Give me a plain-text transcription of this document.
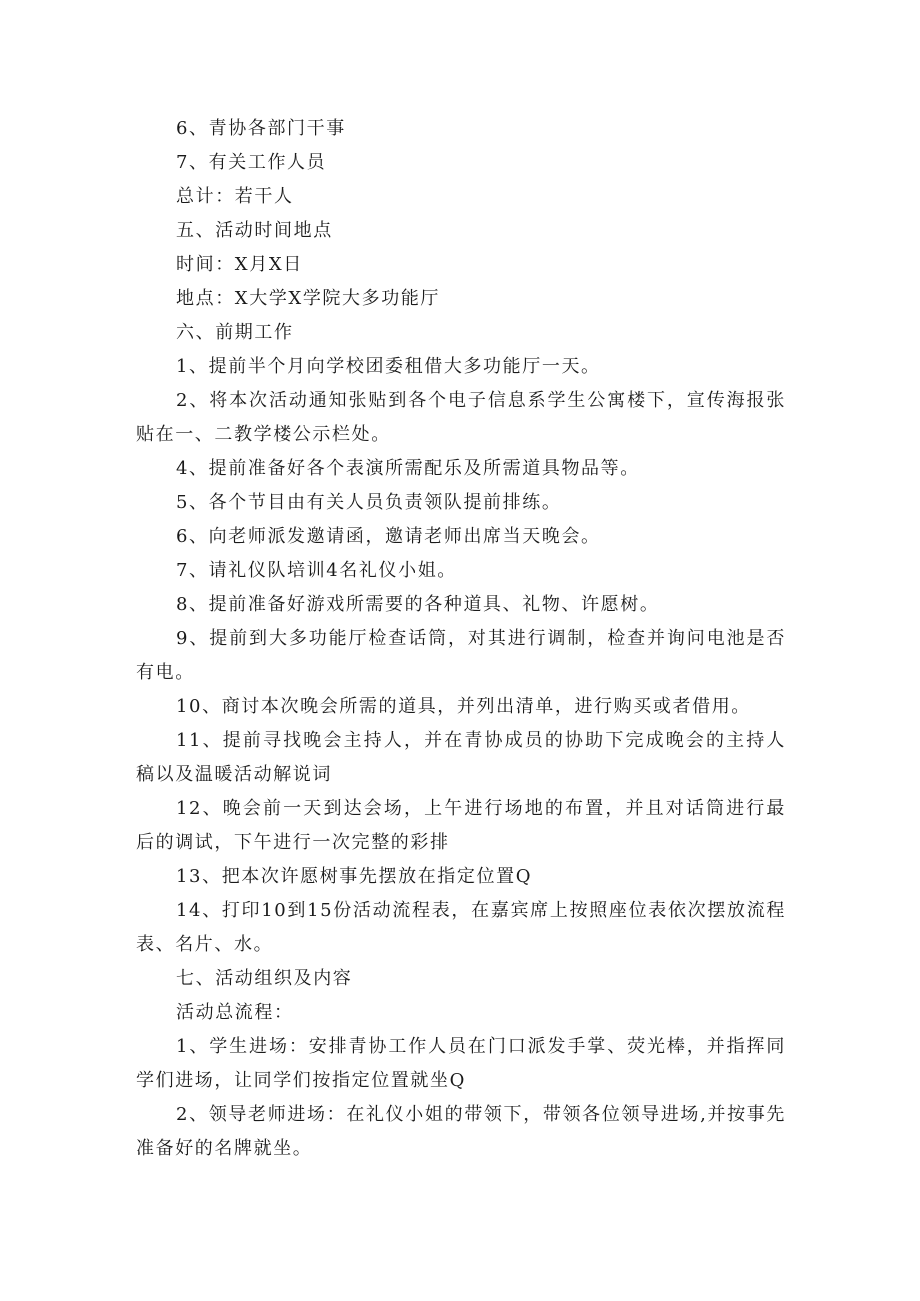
6、青协各部门干事

7、有关工作人员

总计：若干人

五、活动时间地点

时间：X月X日

地点：X大学X学院大多功能厅

六、前期工作

1、提前半个月向学校团委租借大多功能厅一天。

2、将本次活动通知张贴到各个电子信息系学生公寓楼下，宣传海报张贴在一、二教学楼公示栏处。

4、提前准备好各个表演所需配乐及所需道具物品等。

5、各个节目由有关人员负责领队提前排练。

6、向老师派发邀请函，邀请老师出席当天晚会。

7、请礼仪队培训4名礼仪小姐。

8、提前准备好游戏所需要的各种道具、礼物、许愿树。

9、提前到大多功能厅检查话筒，对其进行调制，检查并询问电池是否有电。

10、商讨本次晚会所需的道具，并列出清单，进行购买或者借用。

11、提前寻找晚会主持人，并在青协成员的协助下完成晚会的主持人稿以及温暖活动解说词

12、晚会前一天到达会场，上午进行场地的布置，并且对话筒进行最后的调试，下午进行一次完整的彩排

13、把本次许愿树事先摆放在指定位置Q

14、打印10到15份活动流程表，在嘉宾席上按照座位表依次摆放流程表、名片、水。

七、活动组织及内容

活动总流程：

1、学生进场：安排青协工作人员在门口派发手掌、荧光棒，并指挥同学们进场，让同学们按指定位置就坐Q

2、领导老师进场：在礼仪小姐的带领下，带领各位领导进场,并按事先准备好的名牌就坐。
